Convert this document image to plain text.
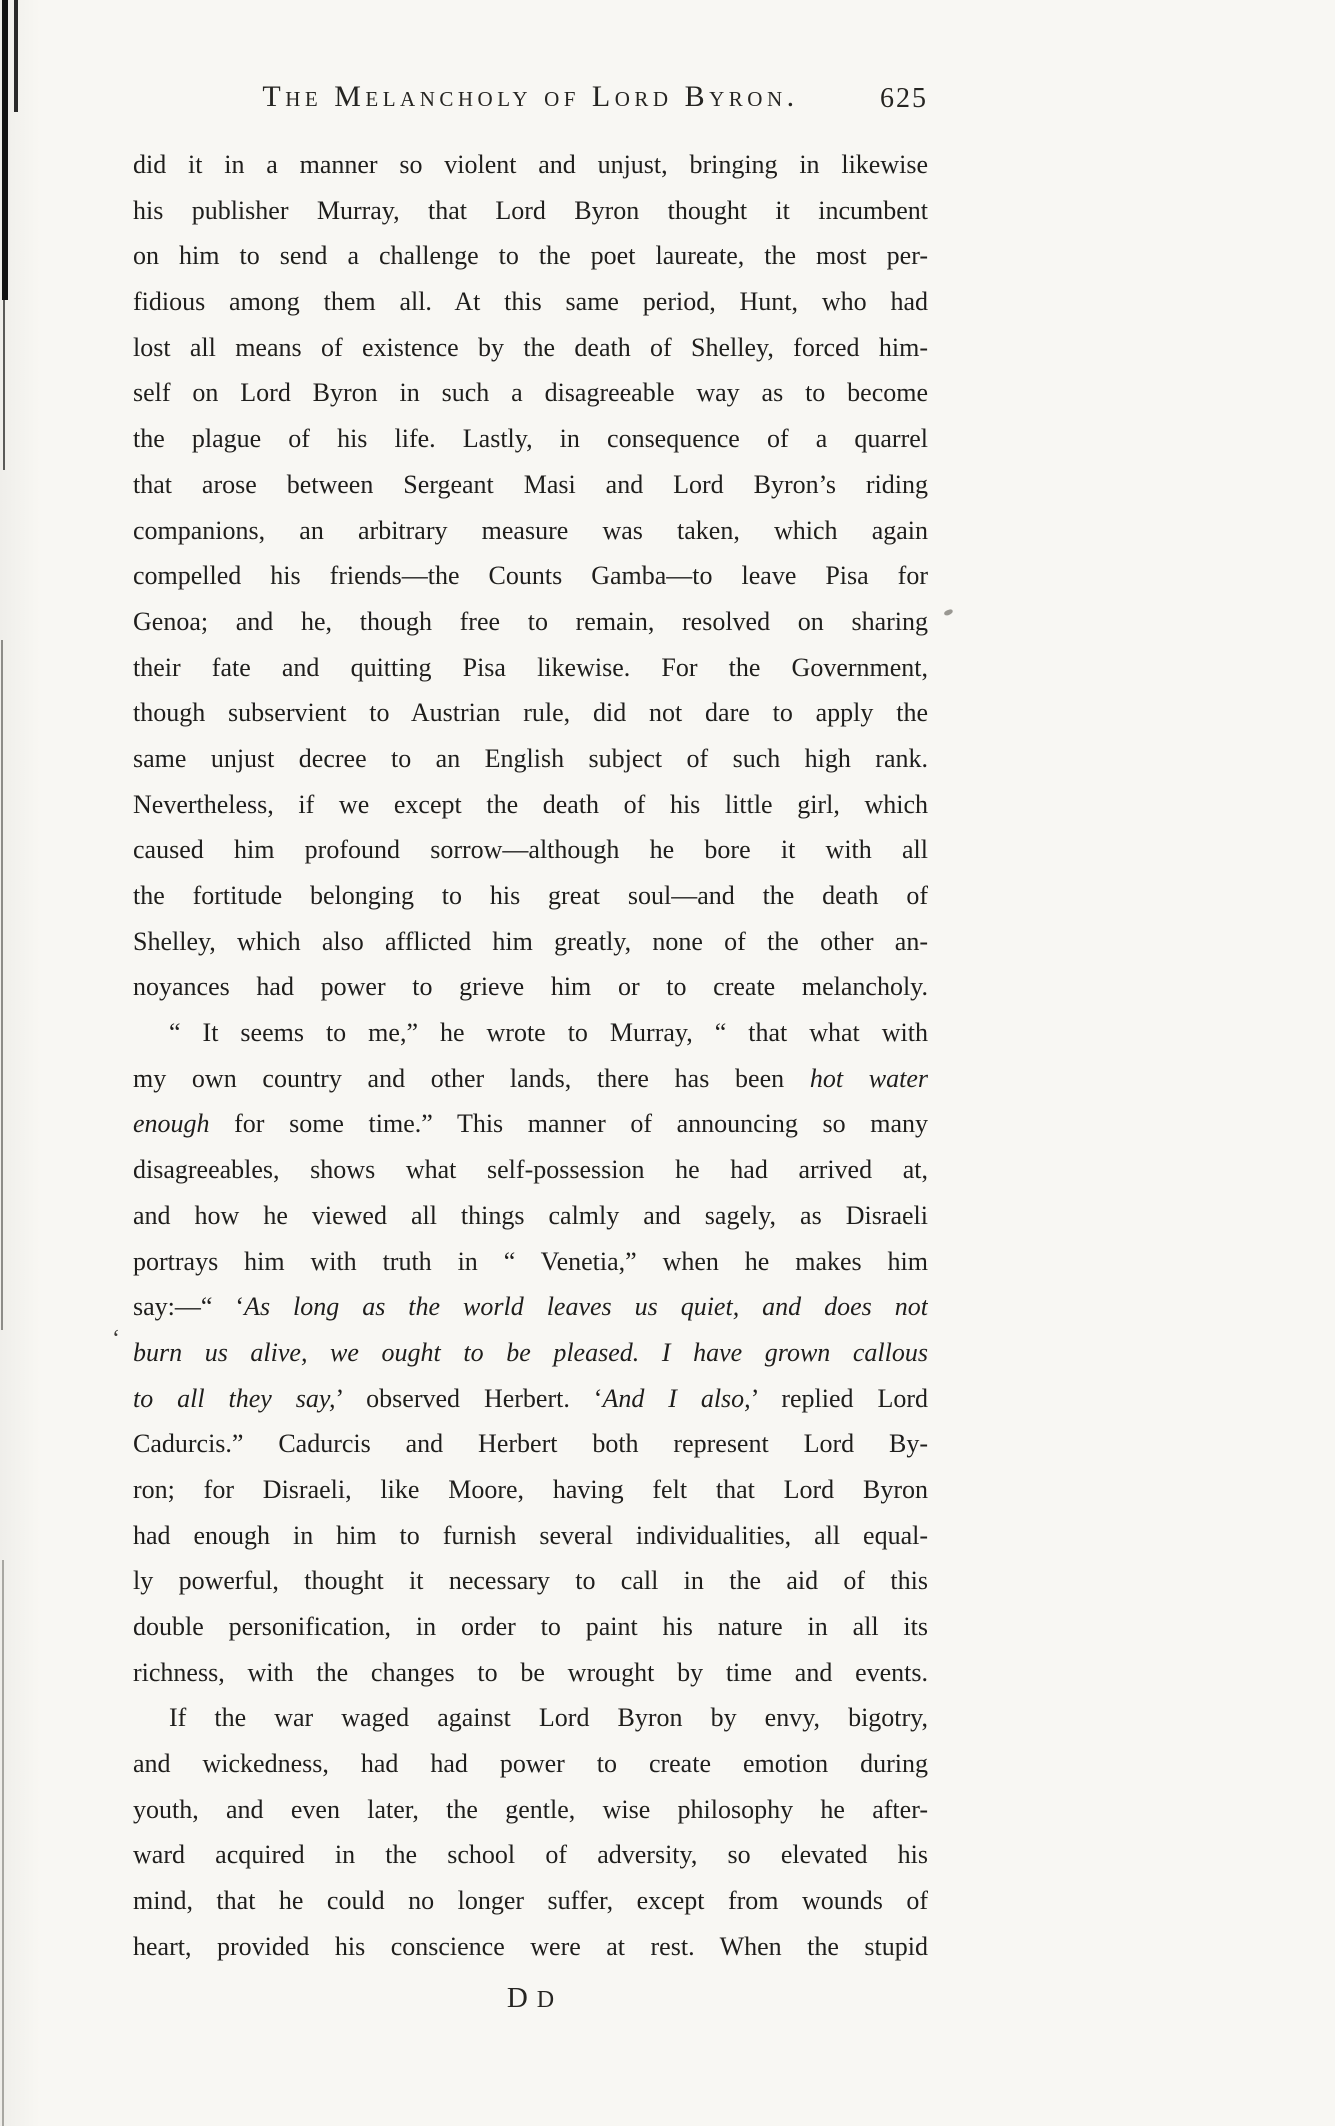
‘
The Melancholy of Lord Byron.	625
did it in a manner so violent and unjust, bringing in likewise
his publisher Murray, that Lord Byron thought it incumbent
on him to send a challenge to the poet laureate, the most per-
fidious among them all. At this same period, Hunt, who had
lost all means of existence by the death of Shelley, forced him-
self on Lord Byron in such a disagreeable way as to become
the plague of his life. Lastly, in consequence of a quarrel
that arose between Sergeant Masi and Lord Byron’s riding
companions, an arbitrary measure was taken, which again
compelled his friends—the Counts Gamba—to leave Pisa for
Genoa; and he, though free to remain, resolved on sharing
their fate and quitting Pisa likewise. For the Government,
though subservient to Austrian rule, did not dare to apply the
same unjust decree to an English subject of such high rank.
Nevertheless, if we except the death of his little girl, which
caused him profound sorrow—although he bore it with all
the fortitude belonging to his great soul—and the death of
Shelley, which also afflicted him greatly, none of the other an-
noyances had power to grieve him or to create melancholy.
“ It seems to me,” he wrote to Murray, “ that what with
my own country and other lands, there has been hot water
enough for some time.” This manner of announcing so many
disagreeables, shows what self-possession he had arrived at,
and how he viewed all things calmly and sagely, as Disraeli
portrays him with truth in “ Venetia,” when he makes him
say:—“ ‘As long as the world leaves us quiet, and does not
burn us alive, we ought to be pleased. I have grown callous
to all they say,’ observed Herbert. ‘And I also,’ replied Lord
Cadurcis.” Cadurcis and Herbert both represent Lord By-
ron; for Disraeli, like Moore, having felt that Lord Byron
had enough in him to furnish several individualities, all equal-
ly powerful, thought it necessary to call in the aid of this
double personification, in order to paint his nature in all its
richness, with the changes to be wrought by time and events.
If the war waged against Lord Byron by envy, bigotry,
and wickedness, had had power to create emotion during
youth, and even later, the gentle, wise philosophy he after-
ward acquired in the school of adversity, so elevated his
mind, that he could no longer suffer, except from wounds of
heart, provided his conscience were at rest. When the stupid
D D
